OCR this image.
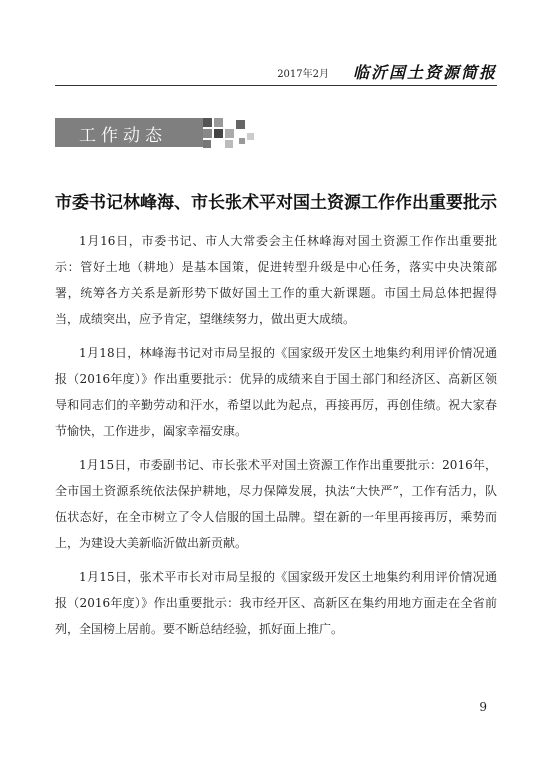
2017年2月 临沂国土资源简报
工作动态
市委书记林峰海、市长张术平对国土资源工作作出重要批示

1月16日，市委书记、市人大常委会主任林峰海对国土资源工作作出重要批示：管好土地（耕地）是基本国策，促进转型升级是中心任务，落实中央决策部署，统筹各方关系是新形势下做好国土工作的重大新课题。市国土局总体把握得当，成绩突出，应予肯定，望继续努力，做出更大成绩。

1月18日，林峰海书记对市局呈报的《国家级开发区土地集约利用评价情况通报（2016年度）》作出重要批示：优异的成绩来自于国土部门和经济区、高新区领导和同志们的辛勤劳动和汗水，希望以此为起点，再接再厉，再创佳绩。祝大家春节愉快，工作进步，阖家幸福安康。

1月15日，市委副书记、市长张术平对国土资源工作作出重要批示：2016年，全市国土资源系统依法保护耕地，尽力保障发展，执法“大快严”，工作有活力，队伍状态好，在全市树立了令人信服的国土品牌。望在新的一年里再接再厉，乘势而上，为建设大美新临沂做出新贡献。

1月15日，张术平市长对市局呈报的《国家级开发区土地集约利用评价情况通报（2016年度）》作出重要批示：我市经开区、高新区在集约用地方面走在全省前列，全国榜上居前。要不断总结经验，抓好面上推广。

9
